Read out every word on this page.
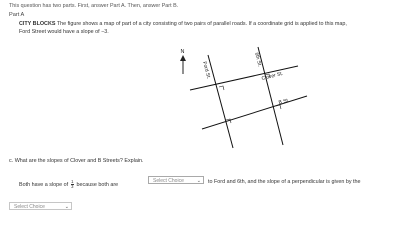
This question has two parts. First, answer Part A. Then, answer Part B.
Part A
CITY BLOCKS The figure shows a map of part of a city consisting of two pairs of parallel roads. If a coordinate grid is applied to this map,
Ford Street would have a slope of −3.
N
Ford St.
6th St.
Clover St.
B St.
c. What are the slopes of Clover and B Streets? Explain.
Both have a slope of $\frac{1}{3}$ because both are
Select Choice	⌄ to Ford and 6th, and the slope of a perpendicular is given by the
Select Choice	⌄
